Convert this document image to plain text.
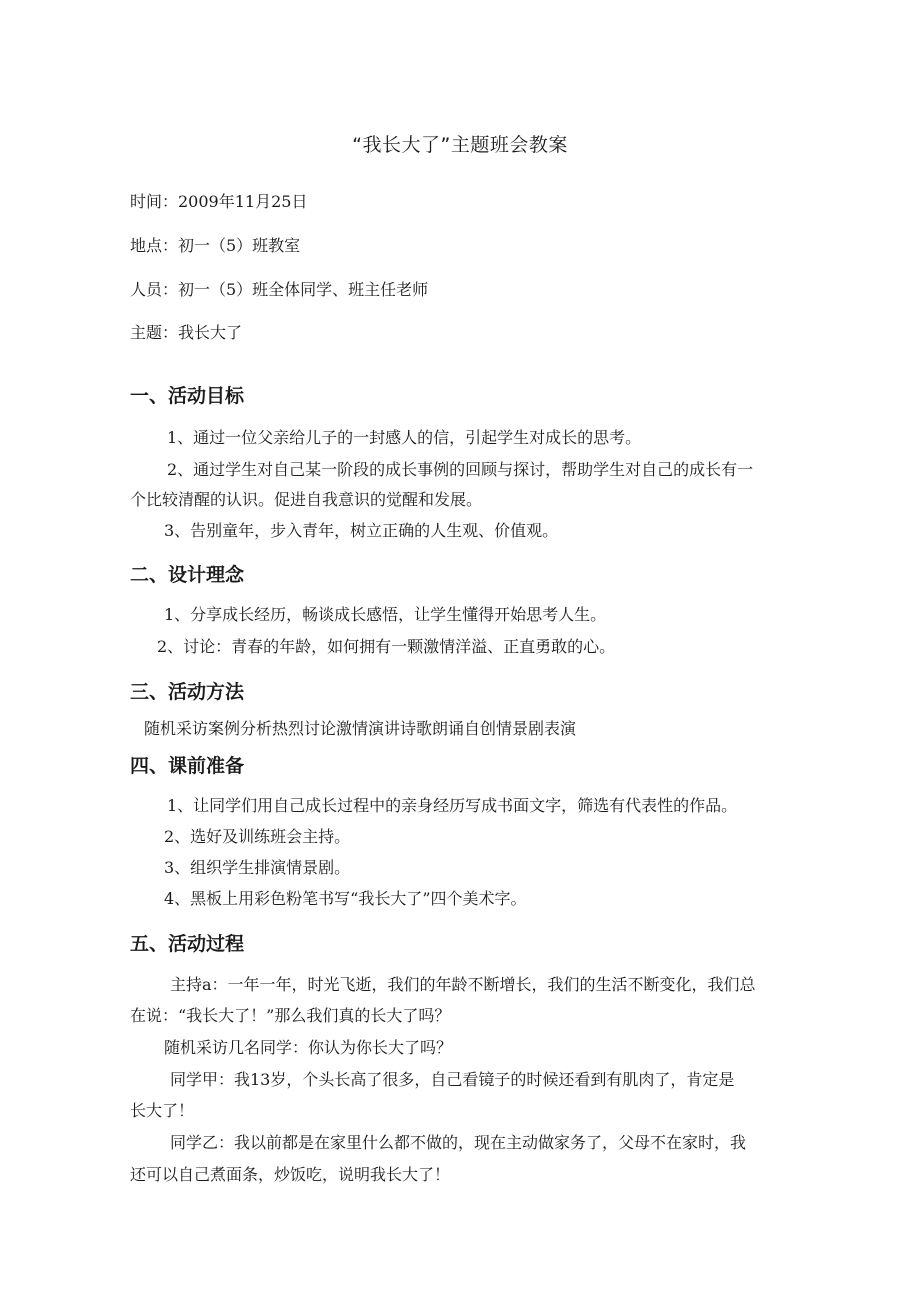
“我长大了”主题班会教案
时间：2009年11月25日
地点：初一（5）班教室
人员：初一（5）班全体同学、班主任老师
主题：我长大了
一、活动目标
1、通过一位父亲给儿子的一封感人的信，引起学生对成长的思考。
2、通过学生对自己某一阶段的成长事例的回顾与探讨，帮助学生对自己的成长有一
个比较清醒的认识。促进自我意识的觉醒和发展。
3、告别童年，步入青年，树立正确的人生观、价值观。
二、设计理念
1、分享成长经历，畅谈成长感悟，让学生懂得开始思考人生。
2、讨论：青春的年龄，如何拥有一颗激情洋溢、正直勇敢的心。
三、活动方法
随机采访案例分析热烈讨论激情演讲诗歌朗诵自创情景剧表演
四、课前准备
1、让同学们用自己成长过程中的亲身经历写成书面文字，筛选有代表性的作品。
2、选好及训练班会主持。
3、组织学生排演情景剧。
4、黑板上用彩色粉笔书写“我长大了”四个美术字。
五、活动过程
主持a：一年一年，时光飞逝，我们的年龄不断增长，我们的生活不断变化，我们总
在说：“我长大了！”那么我们真的长大了吗？
随机采访几名同学：你认为你长大了吗？
同学甲：我13岁，个头长高了很多，自己看镜子的时候还看到有肌肉了，肯定是
长大了！
同学乙：我以前都是在家里什么都不做的，现在主动做家务了，父母不在家时，我
还可以自己煮面条，炒饭吃，说明我长大了！
